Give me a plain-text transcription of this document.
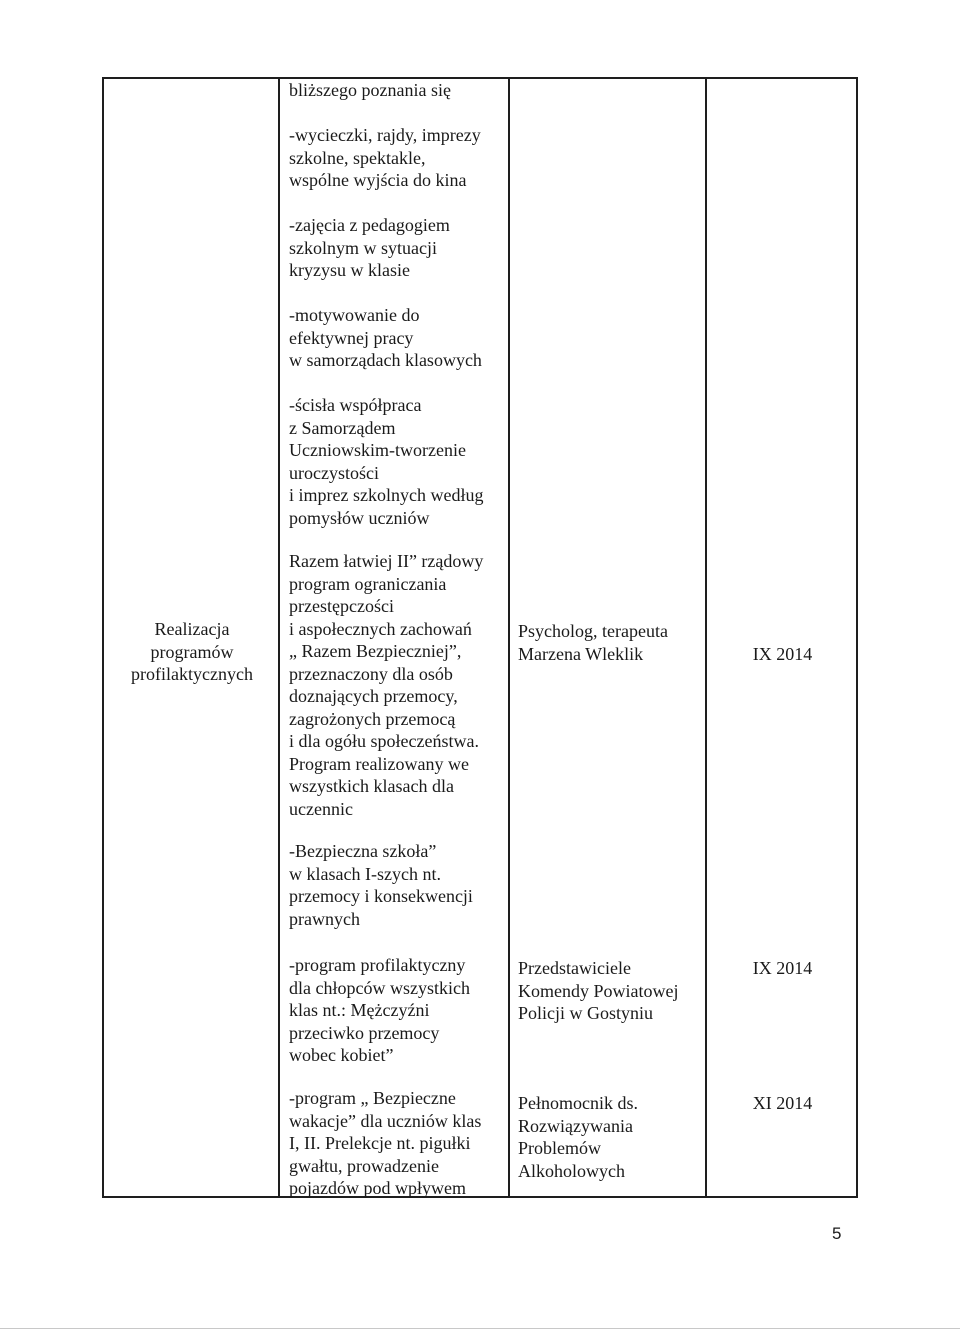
Realizacja
programów
profilaktycznych
bliższego poznania się
-wycieczki, rajdy, imprezy
szkolne, spektakle,
wspólne wyjścia do kina
-zajęcia z pedagogiem
szkolnym w sytuacji
kryzysu w klasie
-motywowanie do
efektywnej pracy
w samorządach klasowych
-ścisła współpraca
z Samorządem
Uczniowskim-tworzenie
uroczystości
i imprez szkolnych według
pomysłów uczniów
Razem łatwiej II” rządowy
program ograniczania
przestępczości
i aspołecznych zachowań
„ Razem Bezpieczniej”,
przeznaczony dla osób
doznających przemocy,
zagrożonych przemocą
i dla ogółu społeczeństwa.
Program realizowany we
wszystkich klasach dla
uczennic
-Bezpieczna szkoła”
w klasach I-szych nt.
przemocy i konsekwencji
prawnych
-program profilaktyczny
dla chłopców wszystkich
klas nt.: Mężczyźni
przeciwko przemocy
wobec kobiet”
-program „ Bezpieczne
wakacje” dla uczniów klas
I, II. Prelekcje nt. pigułki
gwałtu, prowadzenie
pojazdów pod wpływem
Psycholog, terapeuta
Marzena Wleklik
Przedstawiciele
Komendy Powiatowej
Policji w Gostyniu
Pełnomocnik ds.
Rozwiązywania
Problemów
Alkoholowych
IX 2014
IX 2014
XI 2014
5
